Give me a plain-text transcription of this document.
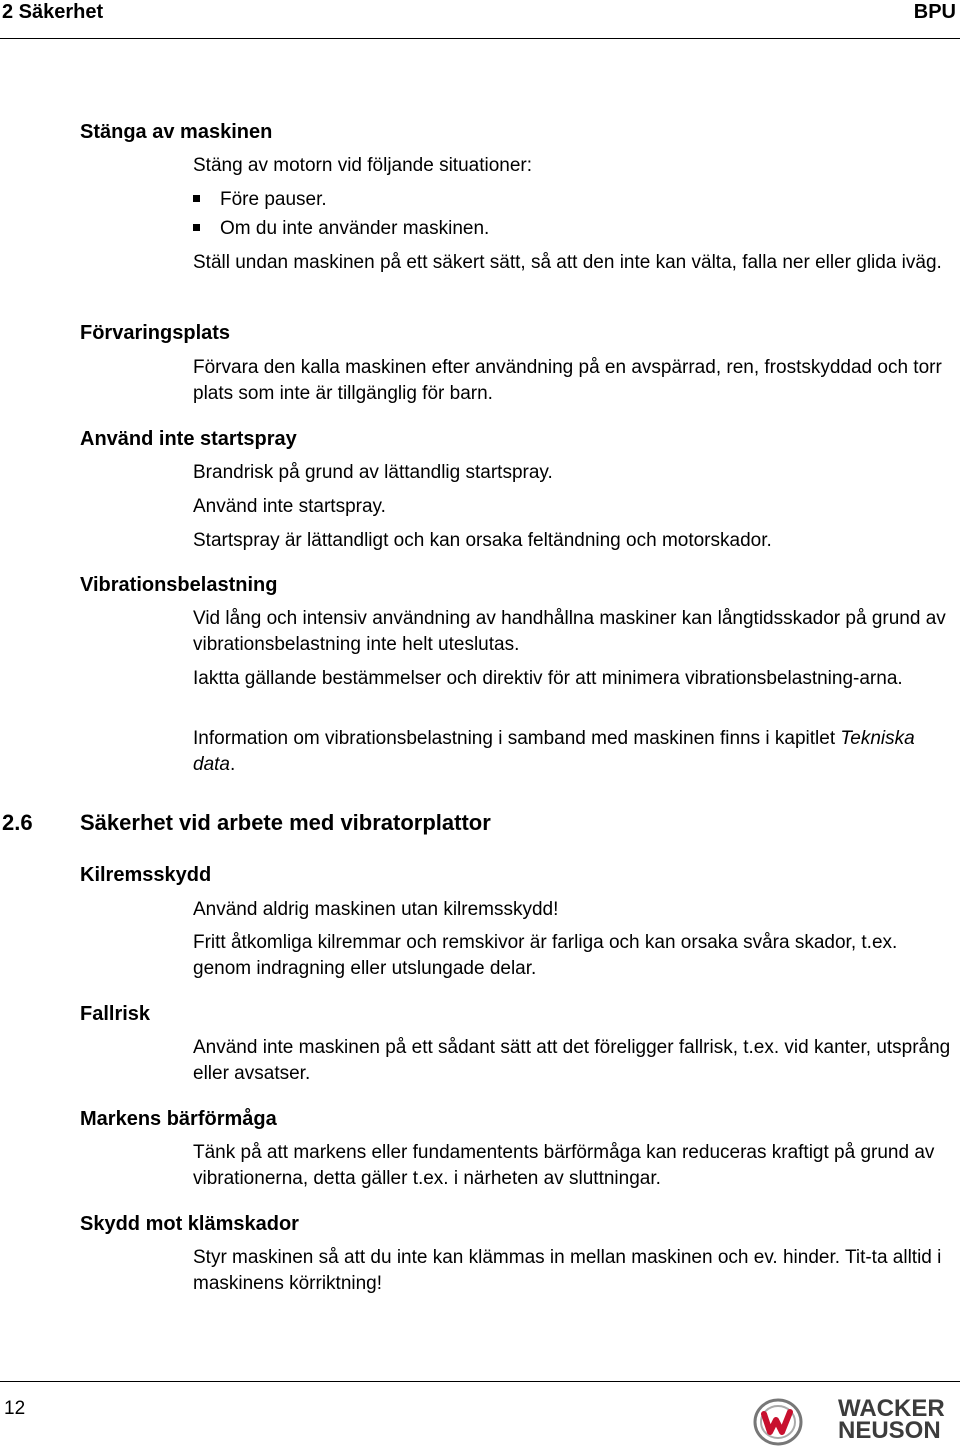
2 Säkerhet	BPU
Stänga av maskinen
Stäng av motorn vid följande situationer:
Före pauser.
Om du inte använder maskinen.
Ställ undan maskinen på ett säkert sätt, så att den inte kan välta, falla ner eller glida iväg.
Förvaringsplats
Förvara den kalla maskinen efter användning på en avspärrad, ren, frostskyddad och torr plats som inte är tillgänglig för barn.
Använd inte startspray
Brandrisk på grund av lättandlig startspray.
Använd inte startspray.
Startspray är lättandligt och kan orsaka feltändning och motorskador.
Vibrationsbelastning
Vid lång och intensiv användning av handhållna maskiner kan långtidsskador på grund av vibrationsbelastning inte helt uteslutas.
Iaktta gällande bestämmelser och direktiv för att minimera vibrationsbelastning-arna.
Information om vibrationsbelastning i samband med maskinen finns i kapitlet Tekniska data.
2.6 Säkerhet vid arbete med vibratorplattor
Kilremsskydd
Använd aldrig maskinen utan kilremsskydd!
Fritt åtkomliga kilremmar och remskivor är farliga och kan orsaka svåra skador, t.ex. genom indragning eller utslungade delar.
Fallrisk
Använd inte maskinen på ett sådant sätt att det föreligger fallrisk, t.ex. vid kanter, utsprång eller avsatser.
Markens bärförmåga
Tänk på att markens eller fundamentents bärförmåga kan reduceras kraftigt på grund av vibrationerna, detta gäller t.ex. i närheten av sluttningar.
Skydd mot klämskador
Styr maskinen så att du inte kan klämmas in mellan maskinen och ev. hinder. Tit-ta alltid i maskinens körriktning!
12	WACKER
NEUSON
